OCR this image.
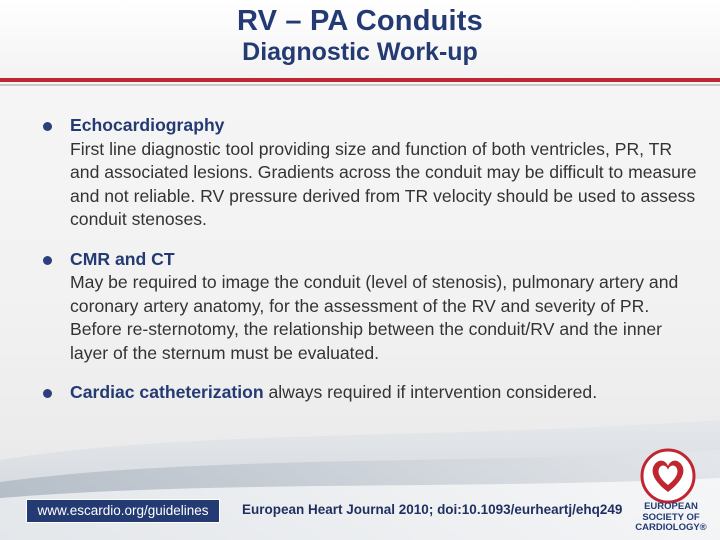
RV – PA Conduits
Diagnostic Work-up
Echocardiography
First line diagnostic tool providing size and function of both ventricles, PR, TR and associated lesions. Gradients across the conduit may be difficult to measure and not reliable. RV pressure derived from TR velocity should be used to assess conduit stenoses.
CMR and CT
May be required to image the conduit (level of stenosis), pulmonary artery and coronary artery anatomy, for the assessment of the RV and severity of PR. Before re-sternotomy, the relationship between the conduit/RV and the inner layer of the sternum must be evaluated.
Cardiac catheterization always required if intervention considered.
www.escardio.org/guidelines	European Heart Journal 2010; doi:10.1093/eurheartj/ehq249	EUROPEAN
SOCIETY OF
CARDIOLOGY®
